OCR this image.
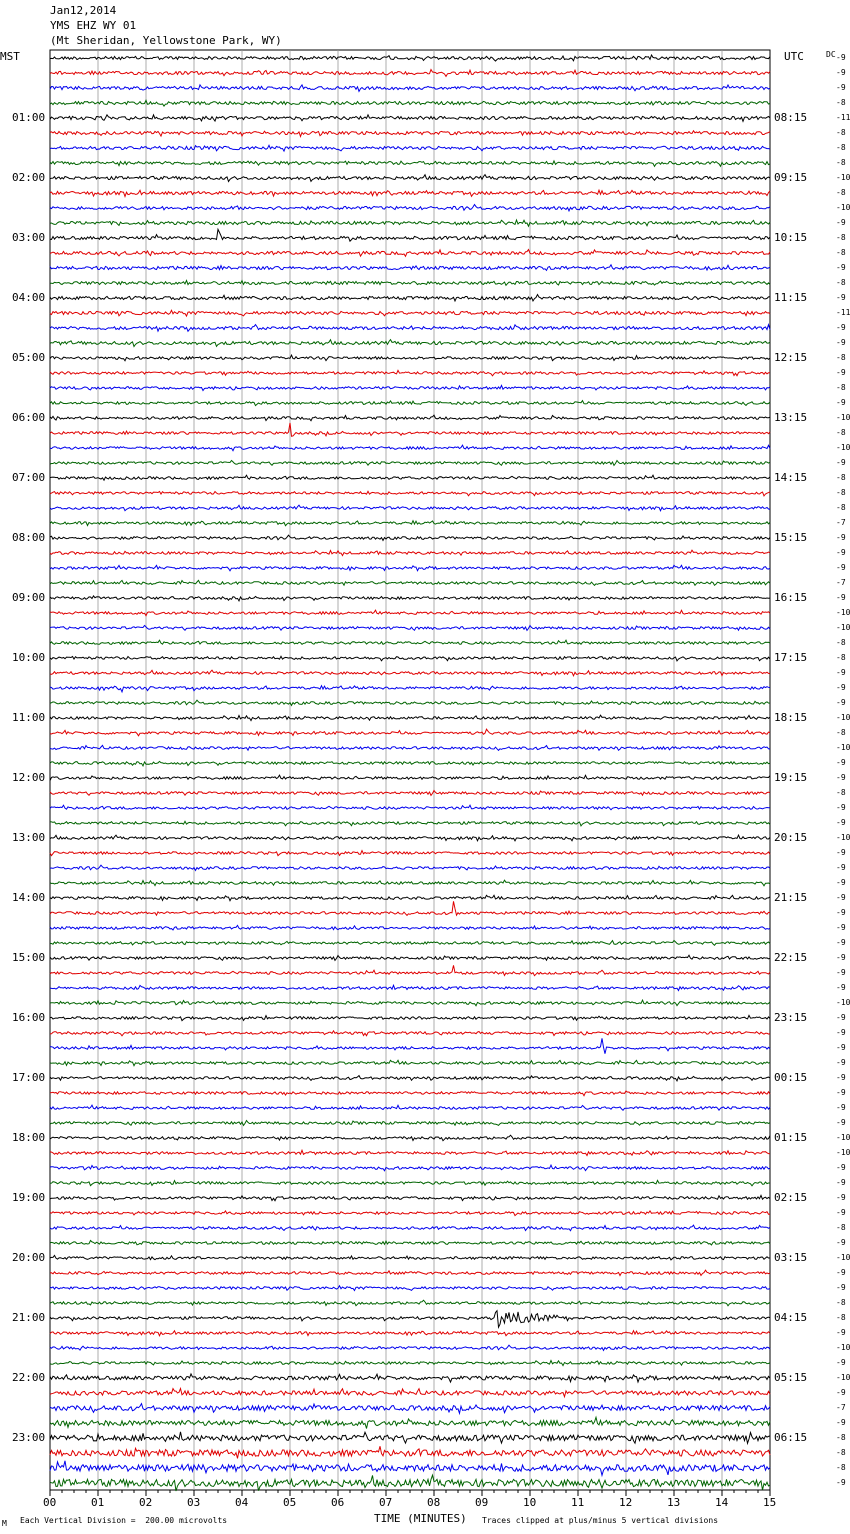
Jan12,2014
YMS EHZ WY 01
(Mt Sheridan, Yellowstone Park, WY)
MST	UTC	DC
01:00
02:00
03:00
04:00
05:00
06:00
07:00
08:00
09:00
10:00
11:00
12:00
13:00
14:00
15:00
16:00
17:00
18:00
19:00
20:00
21:00
22:00
23:00
08:15
09:15
10:15
11:15
12:15
13:15
14:15
15:15
16:15
17:15
18:15
19:15
20:15
21:15
22:15
23:15
00:15
01:15
02:15
03:15
04:15
05:15
06:15
-9
-9
-9
-8
-11
-8
-8
-8
-10
-8
-10
-9
-8
-8
-9
-8
-9
-11
-9
-9
-8
-9
-8
-9
-10
-8
-10
-9
-8
-8
-8
-7
-9
-9
-9
-7
-9
-10
-10
-8
-8
-9
-9
-9
-10
-8
-10
-9
-9
-8
-9
-9
-10
-9
-9
-9
-9
-9
-9
-9
-9
-9
-9
-10
-9
-9
-9
-9
-9
-9
-9
-9
-10
-10
-9
-9
-9
-9
-8
-9
-10
-9
-9
-8
-8
-9
-10
-9
-10
-9
-7
-9
-8
-8
-8
-9
00	01	02	03	04	05	06	07	08	09	10	11	12	13	14	15
M Each Vertical Division =  200.00 microvolts	TIME (MINUTES) Traces clipped at plus/minus 5 vertical divisions
